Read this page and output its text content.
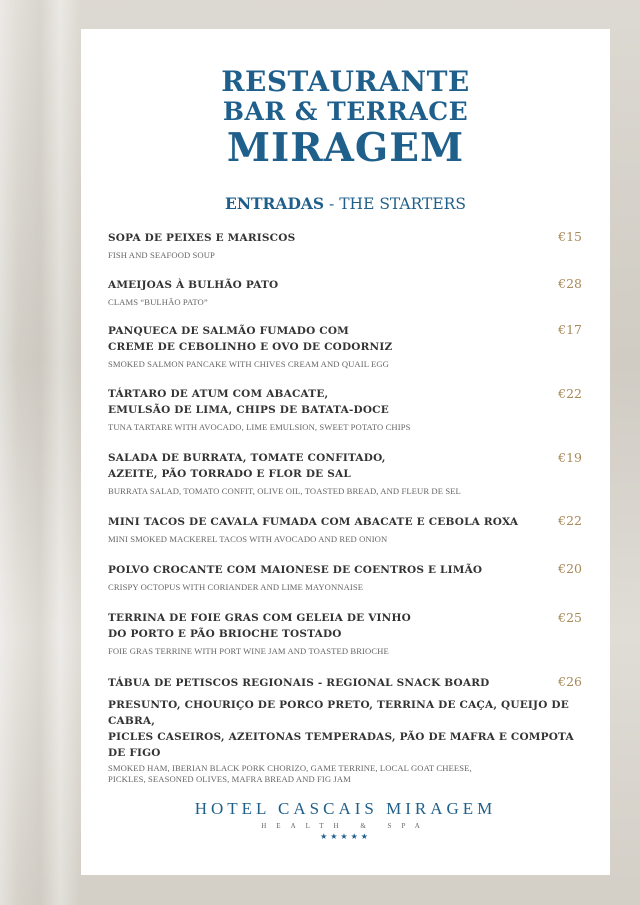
RESTAURANTE
BAR & TERRACE
MIRAGEM
ENTRADAS - THE STARTERS
SOPA DE PEIXES E MARISCOS
FISH AND SEAFOOD SOUP
€15
AMEIJOAS À BULHÃO PATO
CLAMS “BULHÃO PATO”
€28
PANQUECA DE SALMÃO FUMADO COM
CREME DE CEBOLINHO E OVO DE CODORNIZ
SMOKED SALMON PANCAKE WITH CHIVES CREAM AND QUAIL EGG
€17
TÁRTARO DE ATUM COM ABACATE,
EMULSÃO DE LIMA, CHIPS DE BATATA-DOCE
TUNA TARTARE WITH AVOCADO, LIME EMULSION, SWEET POTATO CHIPS
€22
SALADA DE BURRATA, TOMATE CONFITADO,
AZEITE, PÃO TORRADO E FLOR DE SAL
BURRATA SALAD, TOMATO CONFIT, OLIVE OIL, TOASTED BREAD, AND FLEUR DE SEL
€19
MINI TACOS DE CAVALA FUMADA COM ABACATE E CEBOLA ROXA
MINI SMOKED MACKEREL TACOS WITH AVOCADO AND RED ONION
€22
POLVO CROCANTE COM MAIONESE DE COENTROS E LIMÃO
CRISPY OCTOPUS WITH CORIANDER AND LIME MAYONNAISE
€20
TERRINA DE FOIE GRAS COM GELEIA DE VINHO
DO PORTO E PÃO BRIOCHE TOSTADO
FOIE GRAS TERRINE WITH PORT WINE JAM AND TOASTED BRIOCHE
€25
TÁBUA DE PETISCOS REGIONAIS - REGIONAL SNACK BOARD
PRESUNTO, CHOURIÇO DE PORCO PRETO, TERRINA DE CAÇA, QUEIJO DE CABRA,
PICLES CASEIROS, AZEITONAS TEMPERADAS, PÃO DE MAFRA E COMPOTA DE FIGO
SMOKED HAM, IBERIAN BLACK PORK CHORIZO, GAME TERRINE, LOCAL GOAT CHEESE,
PICKLES, SEASONED OLIVES, MAFRA BREAD AND FIG JAM
€26
HOTEL CASCAIS MIRAGEM
HEALTH & SPA
★★★★★
